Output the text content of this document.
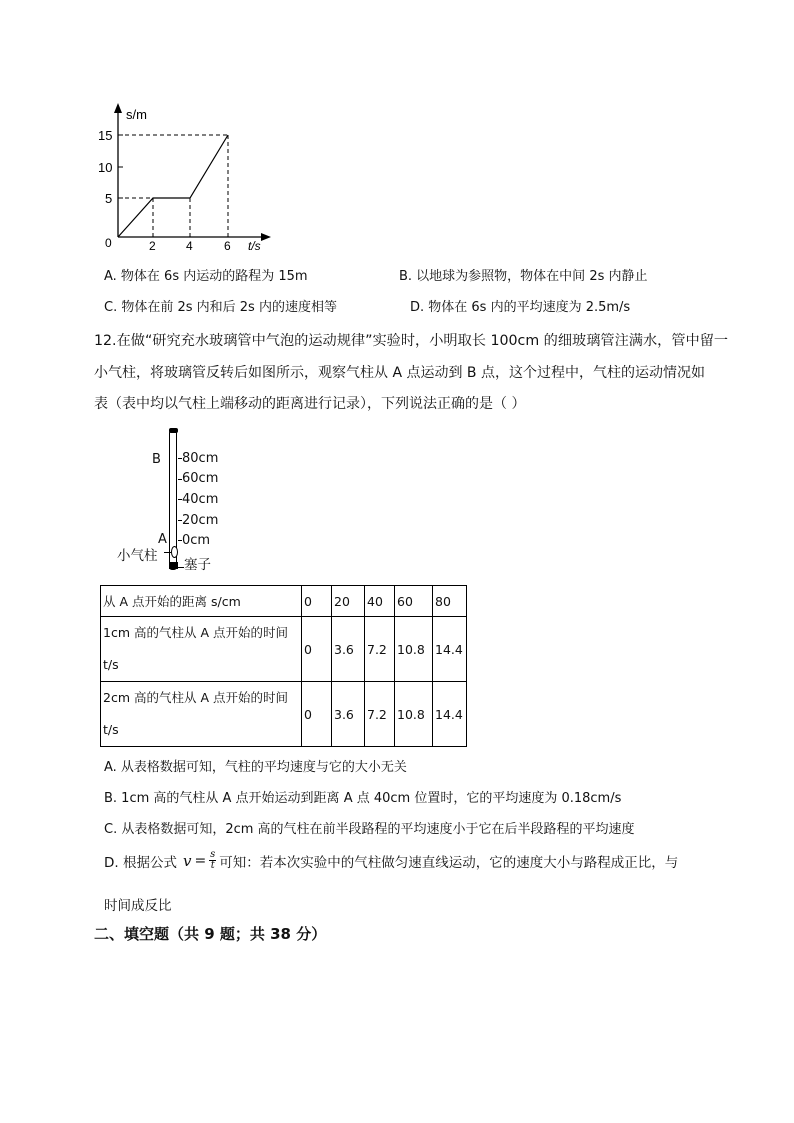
s/m
15
10
5
0	2	4	6 t/s
A. 物体在 6s 内运动的路程为 15m	B. 以地球为参照物，物体在中间 2s 内静止
C. 物体在前 2s 内和后 2s 内的速度相等	D. 物体在 6s 内的平均速度为 2.5m/s
12.在做“研究充水玻璃管中气泡的运动规律”实验时，小明取长 100cm 的细玻璃管注满水，管中留一
小气柱，将玻璃管反转后如图所示，观察气柱从 A 点运动到 B 点，这个过程中，气柱的运动情况如
表（表中均以气柱上端移动的距离进行记录），下列说法正确的是（ ）
B
A
80cm
60cm
40cm
20cm
0cm
小气柱
塞子
从 A 点开始的距离 s/cm	0	20	40	60	80

1cm 高的气柱从 A 点开始的时间
t/s	0	3.6	7.2	10.8	14.4

2cm 高的气柱从 A 点开始的时间
t/s	0	3.6	7.2	10.8	14.4
A. 从表格数据可知，气柱的平均速度与它的大小无关
B. 1cm 高的气柱从 A 点开始运动到距离 A 点 40cm 位置时，它的平均速度为 0.18cm/s
C. 从表格数据可知，2cm 高的气柱在前半段路程的平均速度小于它在后半段路程的平均速度
D. 根据公式 v = s
t 可知：若本次实验中的气柱做匀速直线运动，它的速度大小与路程成正比，与
时间成反比
二、填空题（共 9 题；共 38 分）
